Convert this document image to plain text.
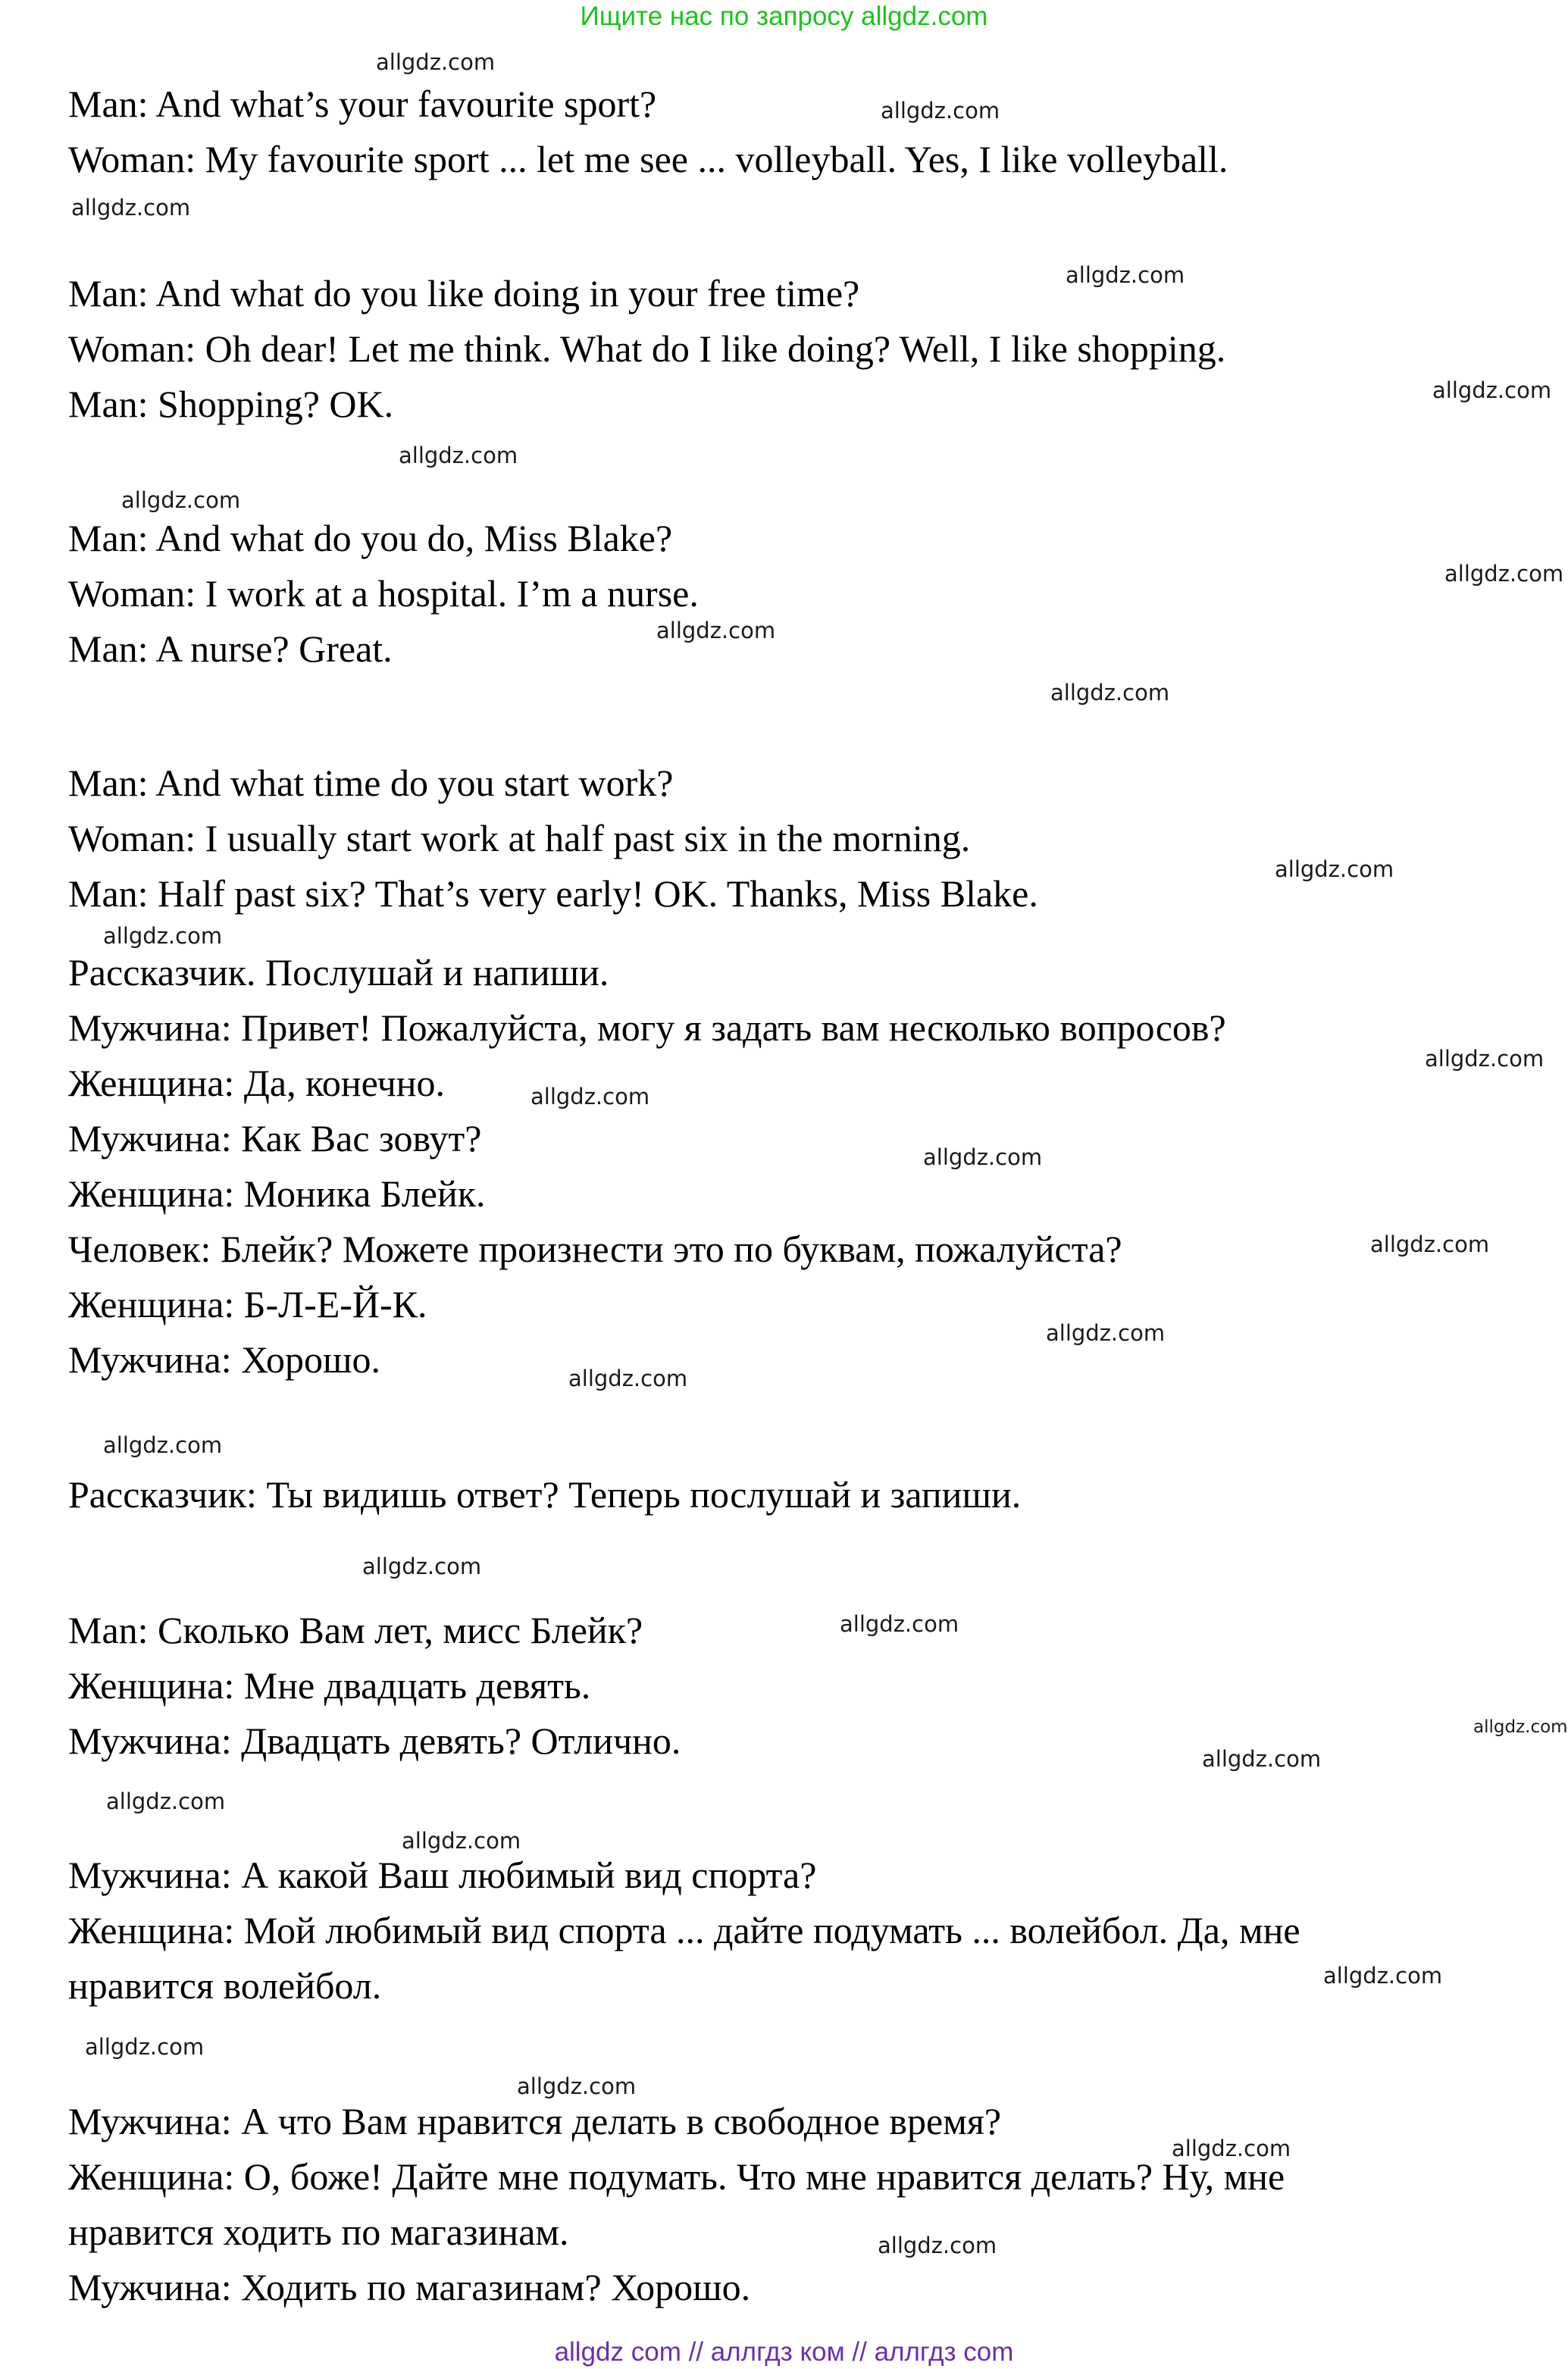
Ищите нас по запросу allgdz.com
Man: And what’s your favourite sport?
Woman: My favourite sport ... let me see ... volleyball. Yes, I like volleyball.
Man: And what do you like doing in your free time?
Woman: Oh dear! Let me think. What do I like doing? Well, I like shopping.
Man: Shopping? OK.
Man: And what do you do, Miss Blake?
Woman: I work at a hospital. I’m a nurse.
Man: A nurse? Great.
Man: And what time do you start work?
Woman: I usually start work at half past six in the morning.
Man: Half past six? That’s very early! OK. Thanks, Miss Blake.
Рассказчик. Послушай и напиши.
Мужчина: Привет! Пожалуйста, могу я задать вам несколько вопросов?
Женщина: Да, конечно.
Мужчина: Как Вас зовут?
Женщина: Моника Блейк.
Человек: Блейк? Можете произнести это по буквам, пожалуйста?
Женщина: Б-Л-Е-Й-К.
Мужчина: Хорошо.
Рассказчик: Ты видишь ответ? Теперь послушай и запиши.
Man: Сколько Вам лет, мисс Блейк?
Женщина: Мне двадцать девять.
Мужчина: Двадцать девять? Отлично.
Мужчина: А какой Ваш любимый вид спорта?
Женщина: Мой любимый вид спорта ... дайте подумать ... волейбол. Да, мне
нравится волейбол.
Мужчина: А что Вам нравится делать в свободное время?
Женщина: О, боже! Дайте мне подумать. Что мне нравится делать? Ну, мне
нравится ходить по магазинам.
Мужчина: Ходить по магазинам? Хорошо.
allgdz.com
allgdz.com
allgdz.com
allgdz.com
allgdz.com
allgdz.com
allgdz.com
allgdz.com
allgdz.com
allgdz.com
allgdz.com
allgdz.com
allgdz.com
allgdz.com
allgdz.com
allgdz.com
allgdz.com
allgdz.com
allgdz.com
allgdz.com
allgdz.com
allgdz.com
allgdz.com
allgdz.com
allgdz.com
allgdz.com
allgdz.com
allgdz.com
allgdz.com
allgdz.com
allgdz com // аллгдз ком // аллгдз com
